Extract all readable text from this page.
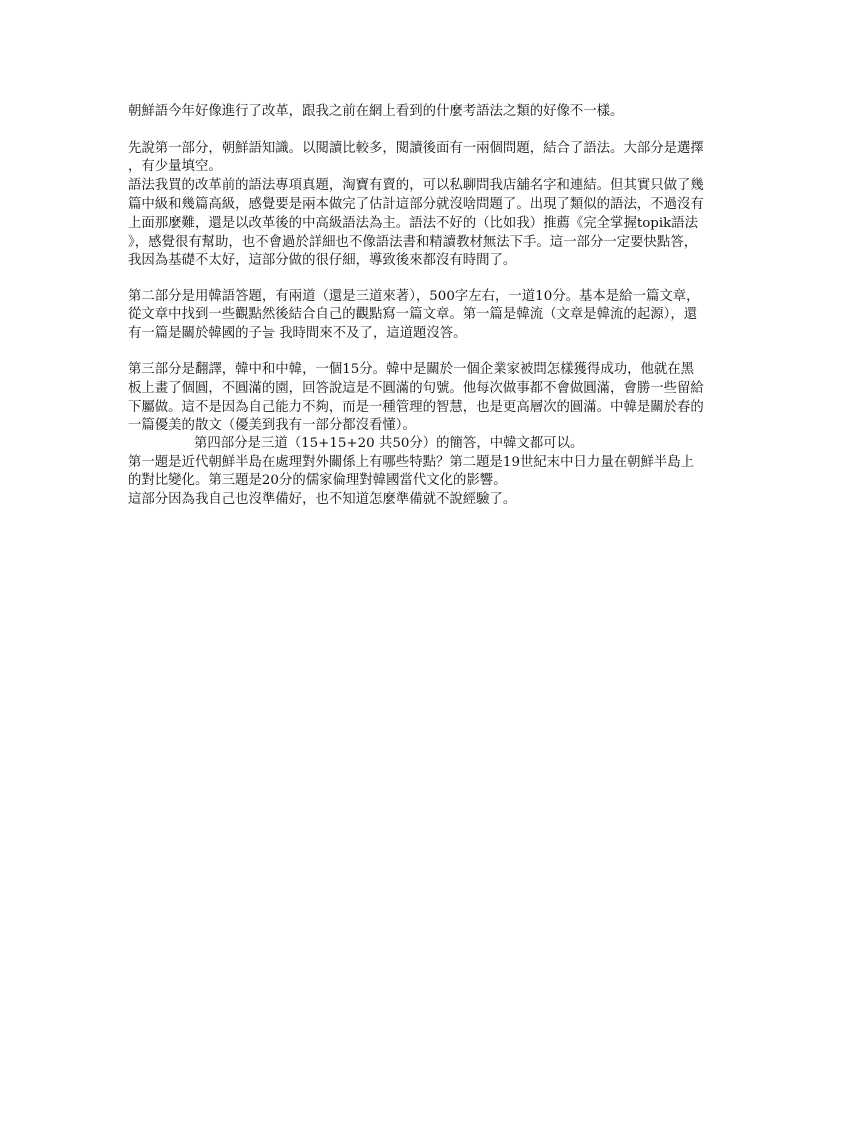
朝鮮語今年好像進行了改革，跟我之前在網上看到的什麼考語法之類的好像不一樣。
先說第一部分，朝鮮語知識。以閱讀比較多，閱讀後面有一兩個問題，結合了語法。大部分是選擇
，有少量填空。
語法我買的改革前的語法專項真題，淘寶有賣的，可以私聊問我店舖名字和連結。但其實只做了幾
篇中級和幾篇高級，感覺要是兩本做完了估計這部分就沒啥問題了。出現了類似的語法，不過沒有
上面那麼難，還是以改革後的中高級語法為主。語法不好的（比如我）推薦《完全掌握topik語法
》，感覺很有幫助，也不會過於詳細也不像語法書和精讀教材無法下手。這一部分一定要快點答，
我因為基礎不太好，這部分做的很仔細，導致後來都沒有時間了。
第二部分是用韓語答題，有兩道（還是三道來著），500字左右，一道10分。基本是給一篇文章，
從文章中找到一些觀點然後結合自己的觀點寫一篇文章。第一篇是韓流（文章是韓流的起源），還
有一篇是關於韓國的子늘 我時間來不及了，這道題沒答。
第三部分是翻譯，韓中和中韓，一個15分。韓中是關於一個企業家被問怎樣獲得成功，他就在黑
板上畫了個圓，不圓滿的園，回答說這是不圓滿的句號。他每次做事都不會做圓滿，會勝一些留給
下屬做。這不是因為自己能力不夠，而是一種管理的智慧，也是更高層次的圓滿。中韓是關於春的
一篇優美的散文（優美到我有一部分都沒看懂）。
第四部分是三道（15+15+20 共50分）的簡答，中韓文都可以。
第一題是近代朝鮮半島在處理對外關係上有哪些特點？第二題是19世紀末中日力量在朝鮮半島上
的對比變化。第三題是20分的儒家倫理對韓國當代文化的影響。
這部分因為我自己也沒準備好，也不知道怎麼準備就不說經驗了。
